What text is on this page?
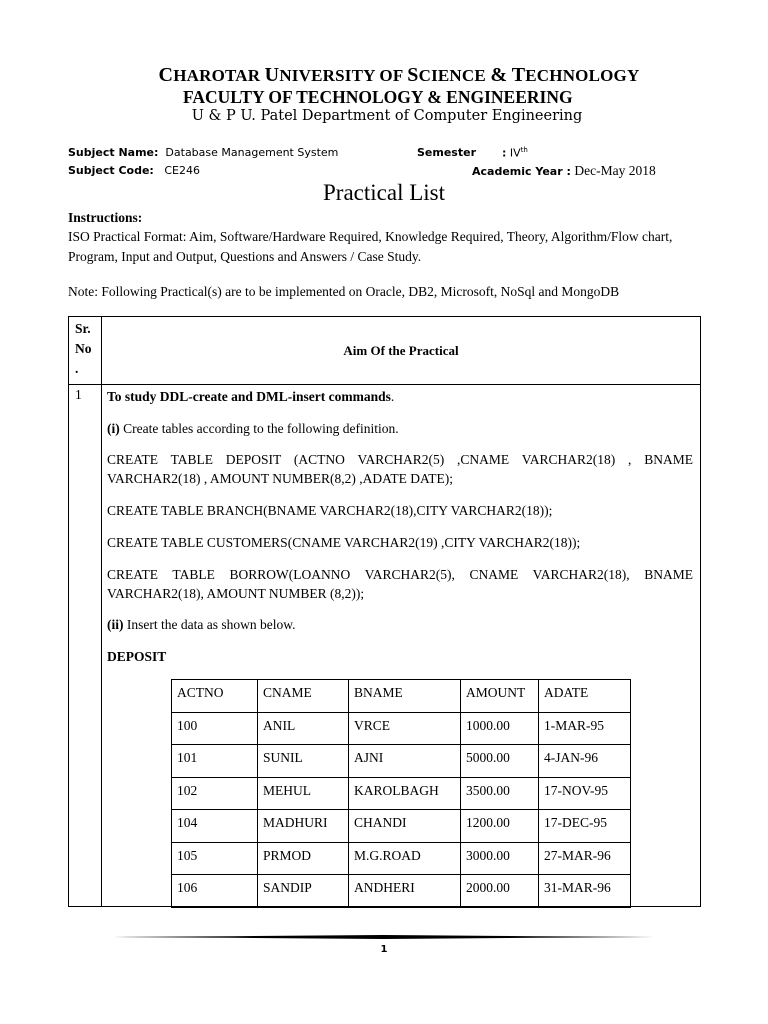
CHAROTAR UNIVERSITY OF SCIENCE & TECHNOLOGY
FACULTY OF TECHNOLOGY & ENGINEERING
U & P U. Patel Department of Computer Engineering
Subject Name: Database Management System	Semester : IVth
Subject Code: CE246	Academic Year : Dec-May 2018
Practical List
Instructions:
ISO Practical Format: Aim, Software/Hardware Required, Knowledge Required, Theory, Algorithm/Flow chart, Program, Input and Output, Questions and Answers / Case Study.
Note: Following Practical(s) are to be implemented on Oracle, DB2, Microsoft, NoSql and MongoDB
Sr.
No
.
Aim Of the Practical
1 To study DDL-create and DML-insert commands.
(i) Create tables according to the following definition.
CREATE TABLE DEPOSIT (ACTNO VARCHAR2(5) ,CNAME VARCHAR2(18) , BNAME VARCHAR2(18) , AMOUNT NUMBER(8,2) ,ADATE DATE);
CREATE TABLE BRANCH(BNAME VARCHAR2(18),CITY VARCHAR2(18));
CREATE TABLE CUSTOMERS(CNAME VARCHAR2(19) ,CITY VARCHAR2(18));
CREATE TABLE BORROW(LOANNO VARCHAR2(5), CNAME VARCHAR2(18), BNAME VARCHAR2(18), AMOUNT NUMBER (8,2));
(ii) Insert the data as shown below.
DEPOSIT
ACTNO	CNAME	BNAME	AMOUNT	ADATE
100	ANIL	VRCE	1000.00	1-MAR-95
101	SUNIL	AJNI	5000.00	4-JAN-96
102	MEHUL	KAROLBAGH	3500.00	17-NOV-95
104	MADHURI	CHANDI	1200.00	17-DEC-95
105	PRMOD	M.G.ROAD	3000.00	27-MAR-96
106	SANDIP	ANDHERI	2000.00	31-MAR-96
1
